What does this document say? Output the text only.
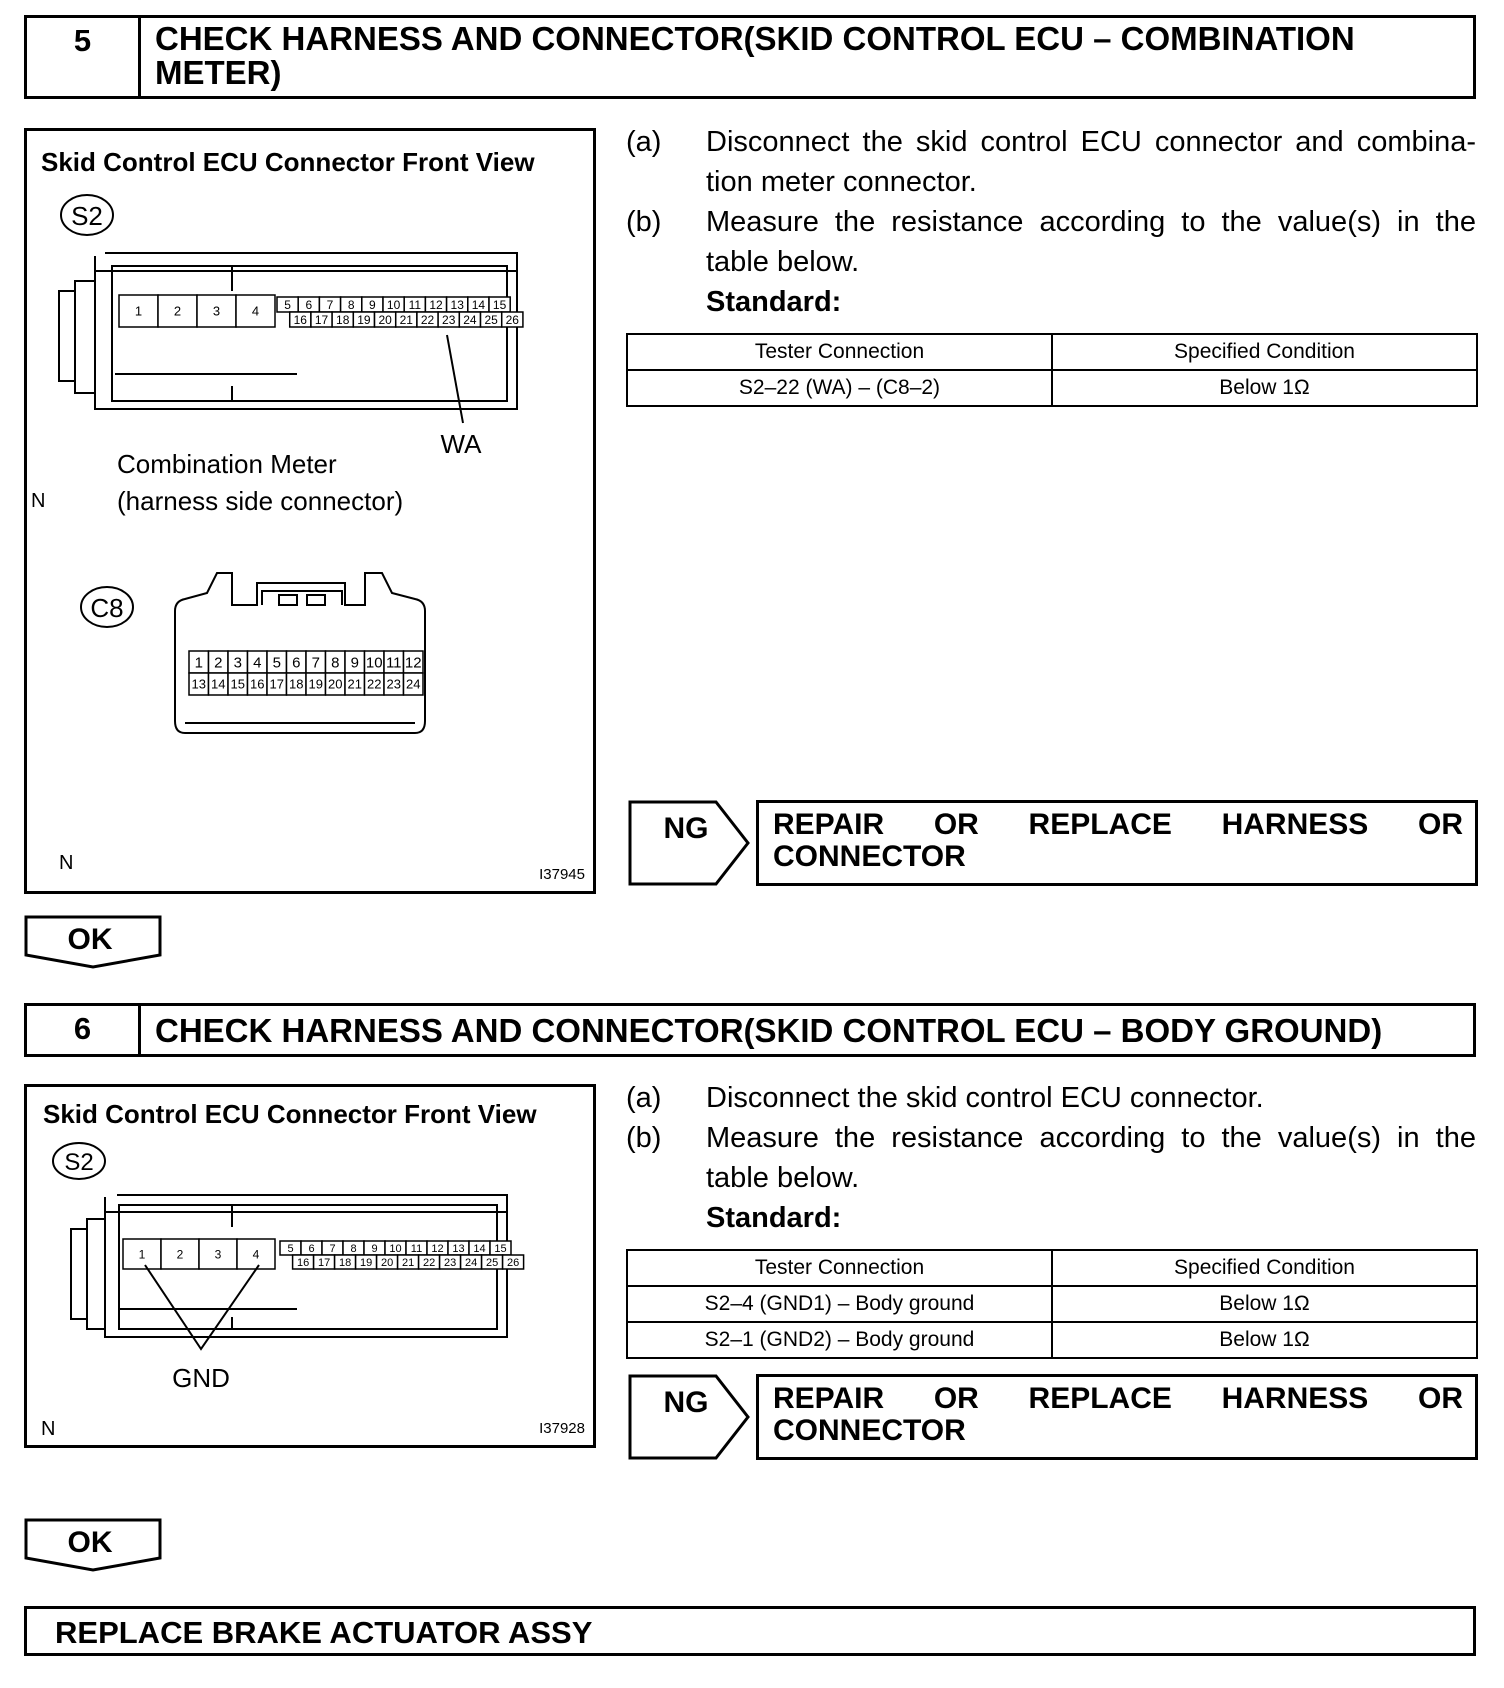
5	CHECK HARNESS AND CONNECTOR(SKID CONTROL ECU – COMBINATION METER)
Skid Control ECU Connector Front View
S2
1 2 3 4 5 6 7 8 9 10 11 12 13 14 15
16 17 18 19 20 21 22 23 24 25 26
WA
Combination Meter
(harness side connector)
N
N
C8
1 2 3 4 5 6 7 8 9 10 11 12
13 14 15 16 17 18 19 20 21 22 23 24
I37945
(a)	Disconnect the skid control ECU connector and combina-tion meter connector.
(b)	Measure the resistance according to the value(s) in the table below.
Standard:
Tester Connection	Specified Condition
S2–22 (WA) – (C8–2)	Below 1Ω
NG REPAIR OR REPLACE HARNESS OR
CONNECTOR
OK
6	CHECK HARNESS AND CONNECTOR(SKID CONTROL ECU – BODY GROUND)
Skid Control ECU Connector Front View
S2
1	2	3	4	5 6 7 8 9 10 11 12 13 14 15
16 17 18 19 20 21 22 23 24 25 26
GND
N	I37928
(a)	Disconnect the skid control ECU connector.
(b)	Measure the resistance according to the value(s) in the table below.
Standard:
Tester Connection	Specified Condition
S2–4 (GND1) – Body ground	Below 1Ω
S2–1 (GND2) – Body ground	Below 1Ω
NG REPAIR OR REPLACE HARNESS OR
CONNECTOR
OK
REPLACE BRAKE ACTUATOR ASSY
